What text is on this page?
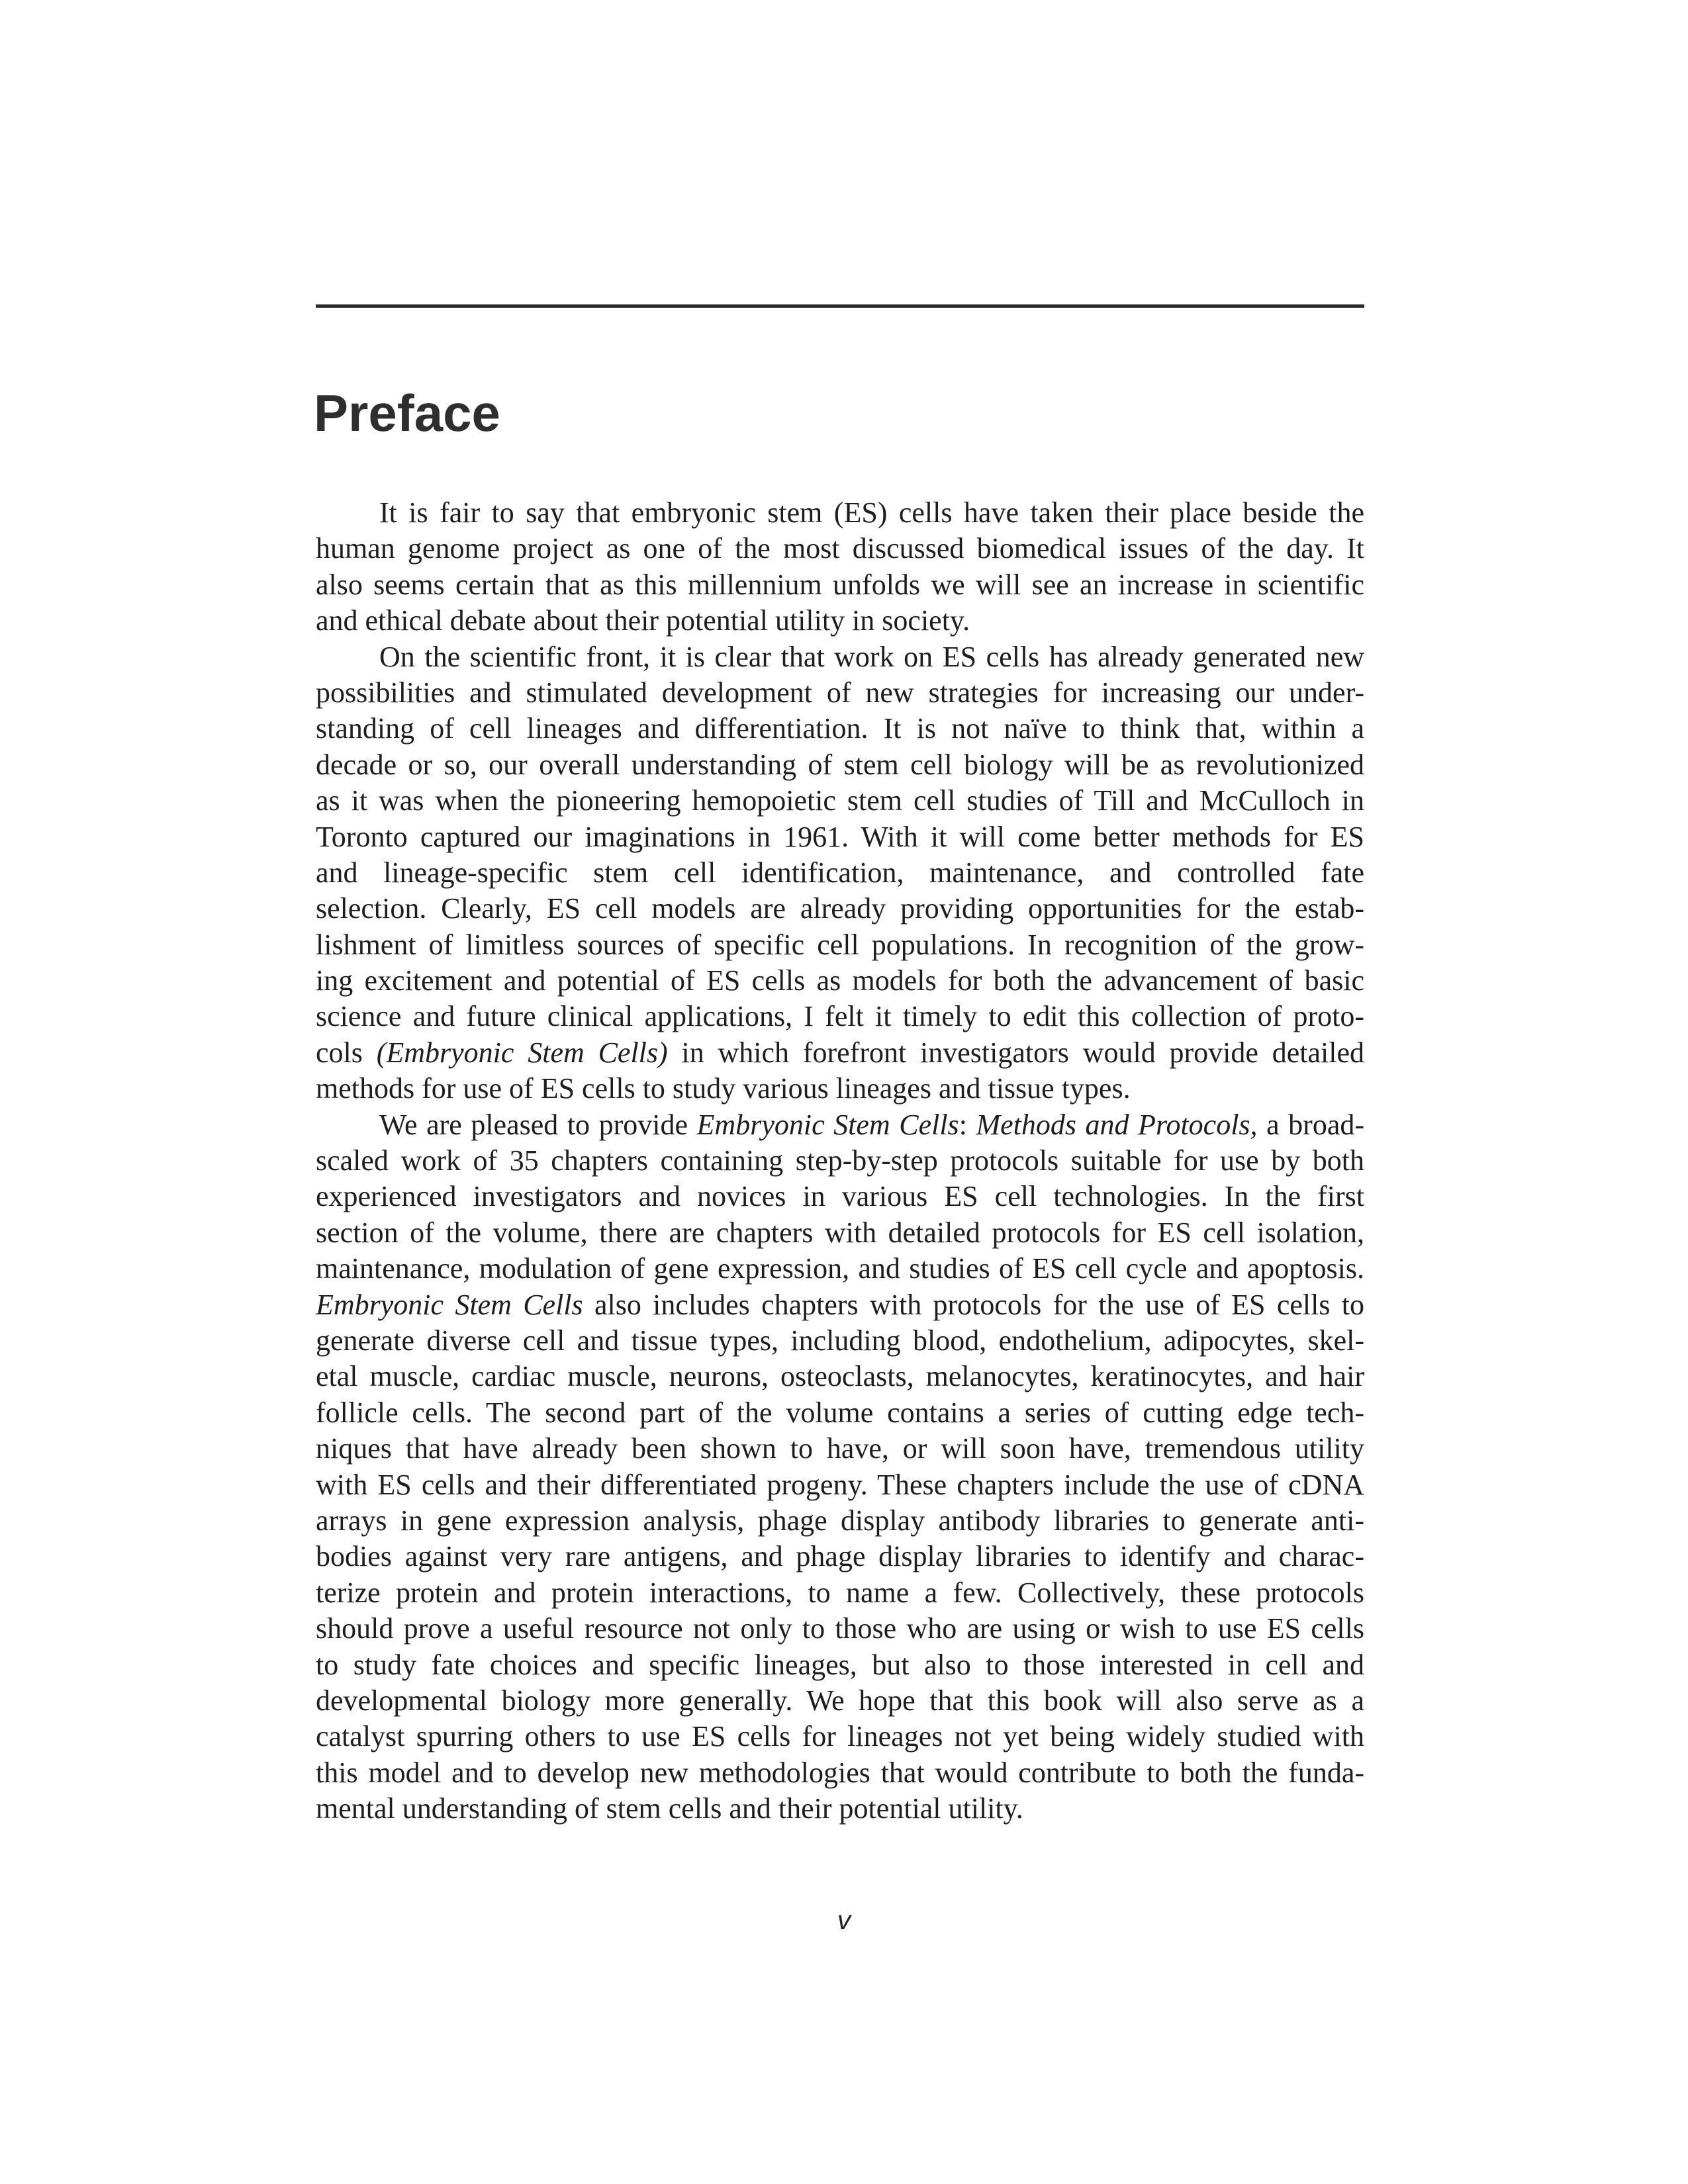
Preface
It is fair to say that embryonic stem (ES) cells have taken their place beside the
human genome project as one of the most discussed biomedical issues of the day. It
also seems certain that as this millennium unfolds we will see an increase in scientific
and ethical debate about their potential utility in society.
On the scientific front, it is clear that work on ES cells has already generated new
possibilities and stimulated development of new strategies for increasing our under-
standing of cell lineages and differentiation. It is not naïve to think that, within a
decade or so, our overall understanding of stem cell biology will be as revolutionized
as it was when the pioneering hemopoietic stem cell studies of Till and McCulloch in
Toronto captured our imaginations in 1961. With it will come better methods for ES
and lineage-specific stem cell identification, maintenance, and controlled fate
selection. Clearly, ES cell models are already providing opportunities for the estab-
lishment of limitless sources of specific cell populations. In recognition of the grow-
ing excitement and potential of ES cells as models for both the advancement of basic
science and future clinical applications, I felt it timely to edit this collection of proto-
cols (Embryonic Stem Cells) in which forefront investigators would provide detailed
methods for use of ES cells to study various lineages and tissue types.
We are pleased to provide Embryonic Stem Cells: Methods and Protocols, a broad-
scaled work of 35 chapters containing step-by-step protocols suitable for use by both
experienced investigators and novices in various ES cell technologies. In the first
section of the volume, there are chapters with detailed protocols for ES cell isolation,
maintenance, modulation of gene expression, and studies of ES cell cycle and apoptosis.
Embryonic Stem Cells also includes chapters with protocols for the use of ES cells to
generate diverse cell and tissue types, including blood, endothelium, adipocytes, skel-
etal muscle, cardiac muscle, neurons, osteoclasts, melanocytes, keratinocytes, and hair
follicle cells. The second part of the volume contains a series of cutting edge tech-
niques that have already been shown to have, or will soon have, tremendous utility
with ES cells and their differentiated progeny. These chapters include the use of cDNA
arrays in gene expression analysis, phage display antibody libraries to generate anti-
bodies against very rare antigens, and phage display libraries to identify and charac-
terize protein and protein interactions, to name a few. Collectively, these protocols
should prove a useful resource not only to those who are using or wish to use ES cells
to study fate choices and specific lineages, but also to those interested in cell and
developmental biology more generally. We hope that this book will also serve as a
catalyst spurring others to use ES cells for lineages not yet being widely studied with
this model and to develop new methodologies that would contribute to both the funda-
mental understanding of stem cells and their potential utility.
v
